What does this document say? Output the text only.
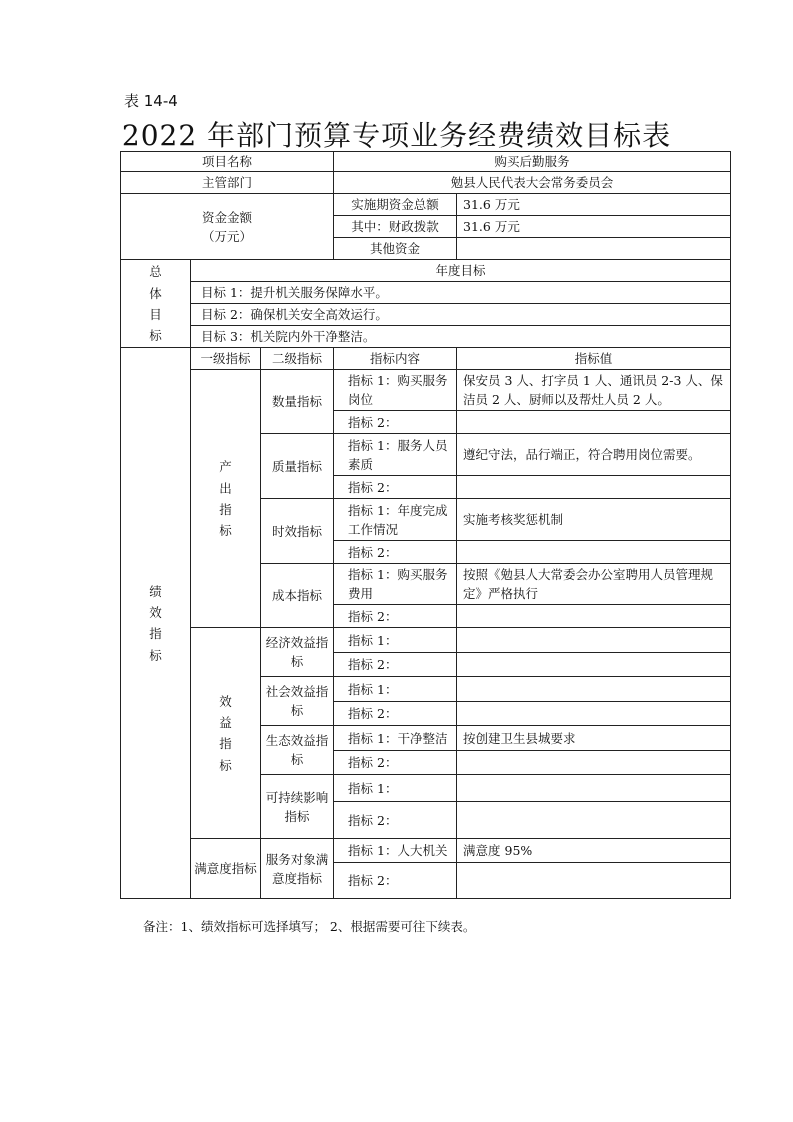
表 14-4
2022 年部门预算专项业务经费绩效目标表
项目名称			购买后勤服务	
主管部门			勉县人民代表大会常务委员会	

资金金额
（万元）			实施期资金总额	31.6 万元
			其中：财政拨款	31.6 万元
			其他资金	

总
体
目
标	年度目标			
	目标 1：提升机关服务保障水平。			
	目标 2：确保机关安全高效运行。			
	目标 3：机关院内外干净整洁。			

绩
效
指
标	一级指标	二级指标	指标内容	指标值

	产
出
指
标	数量指标	指标 1：购买服务岗位	保安员 3 人、打字员 1 人、通讯员 2-3 人、保洁员 2 人、厨师以及帮灶人员 2 人。
			指标 2：	
		质量指标	指标 1：服务人员素质	遵纪守法，品行端正，符合聘用岗位需要。
			指标 2：	
		时效指标	指标 1：年度完成工作情况	实施考核奖惩机制
			指标 2：	
		成本指标	指标 1：购买服务费用	按照《勉县人大常委会办公室聘用人员管理规定》严格执行
			指标 2：	

	效
益
指
标	经济效益指标	指标 1：	
			指标 2：	
		社会效益指标	指标 1：	
			指标 2：	
		生态效益指标	指标 1：干净整洁	按创建卫生县城要求
			指标 2：	
		可持续影响指标	指标 1：	
			指标 2：	
	满意度指标	服务对象满意度指标	指标 1：人大机关	满意度 95%
			指标 2：	
备注：1、绩效指标可选择填写； 2、根据需要可往下续表。
